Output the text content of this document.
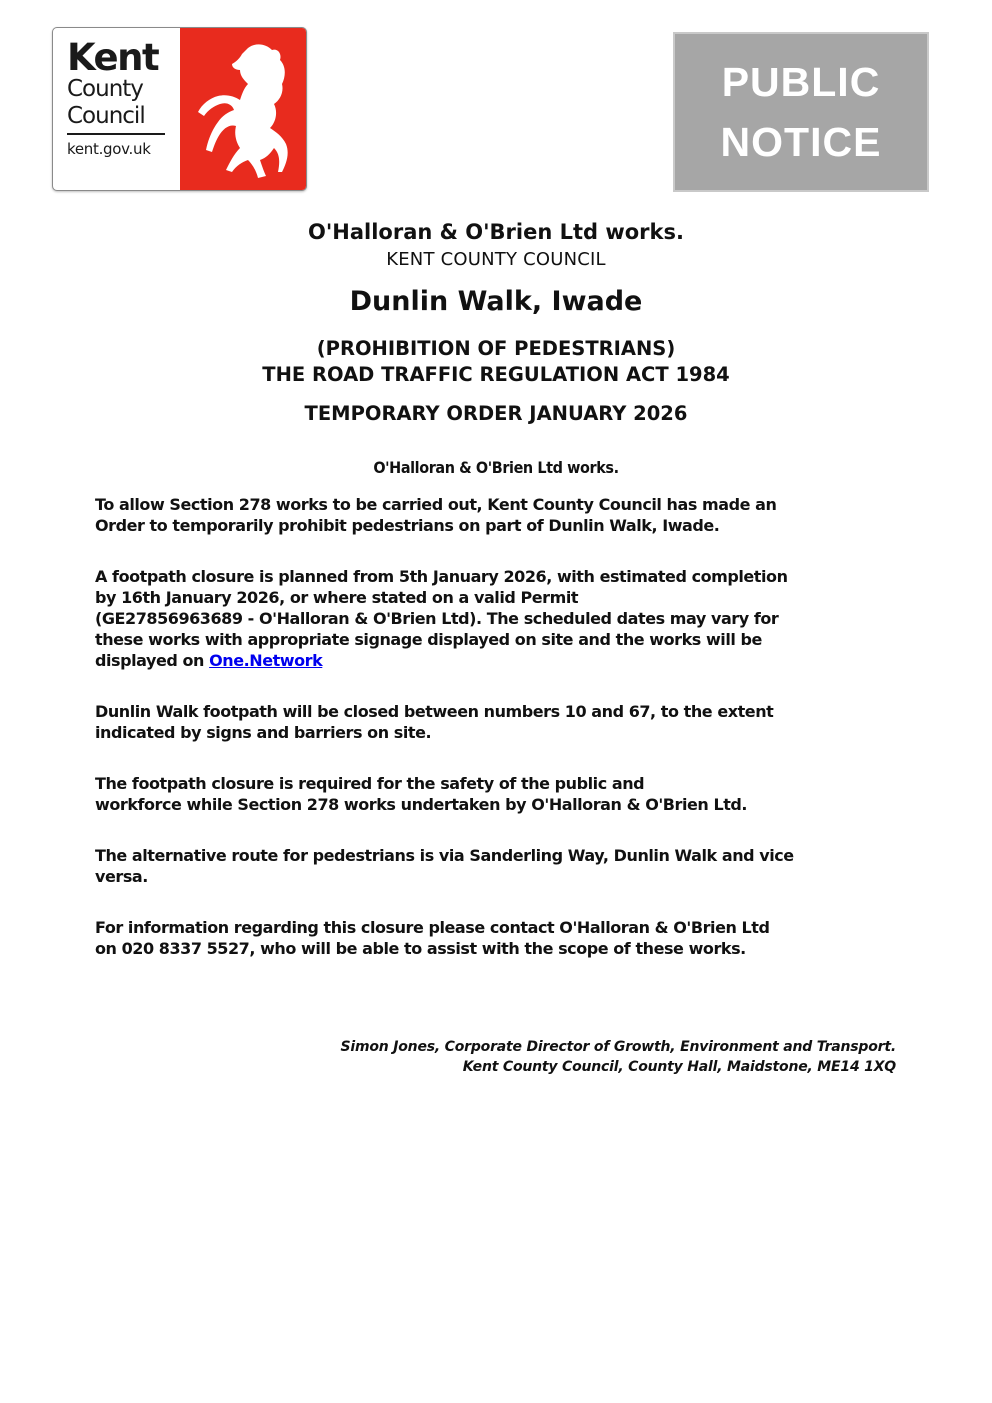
Kent
County
Council
kent.gov.uk
PUBLIC
NOTICE
O'Halloran & O'Brien Ltd works.
KENT COUNTY COUNCIL
Dunlin Walk, Iwade
(PROHIBITION OF PEDESTRIANS)
THE ROAD TRAFFIC REGULATION ACT 1984
TEMPORARY ORDER JANUARY 2026
O'Halloran & O'Brien Ltd works.
To allow Section 278 works to be carried out, Kent County Council has made an
Order to temporarily prohibit pedestrians on part of Dunlin Walk, Iwade.
A footpath closure is planned from 5th January 2026, with estimated completion
by 16th January 2026, or where stated on a valid Permit
(GE27856963689 - O'Halloran & O'Brien Ltd). The scheduled dates may vary for
these works with appropriate signage displayed on site and the works will be
displayed on One.Network
Dunlin Walk footpath will be closed between numbers 10 and 67, to the extent
indicated by signs and barriers on site.
The footpath closure is required for the safety of the public and
workforce while Section 278 works undertaken by O'Halloran & O'Brien Ltd.
The alternative route for pedestrians is via Sanderling Way, Dunlin Walk and vice
versa.
For information regarding this closure please contact O'Halloran & O'Brien Ltd
on 020 8337 5527, who will be able to assist with the scope of these works.
Simon Jones, Corporate Director of Growth, Environment and Transport.
Kent County Council, County Hall, Maidstone, ME14 1XQ
